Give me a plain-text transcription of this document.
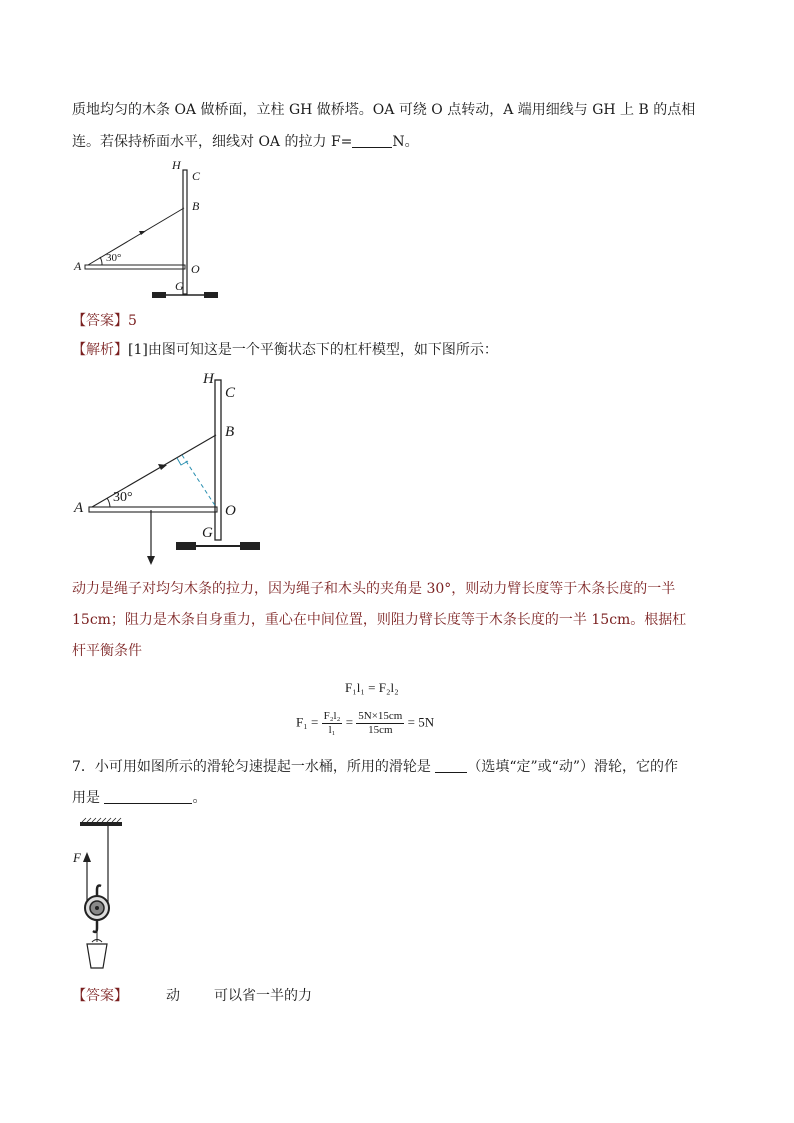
质地均匀的木条 OA 做桥面，立柱 GH 做桥塔。OA 可绕 O 点转动，A 端用细线与 GH 上 B 的点相
连。若保持桥面水平，细线对 OA 的拉力 F=	N。
H
C
B
A
30°
O
G
【答案】5
【解析】[1]由图可知这是一个平衡状态下的杠杆模型，如下图所示：
H
C
B
A
30°
O
G
动力是绳子对均匀木条的拉力，因为绳子和木头的夹角是 30°，则动力臂长度等于木条长度的一半
15cm；阻力是木条自身重力，重心在中间位置，则阻力臂长度等于木条长度的一半 15cm。根据杠
杆平衡条件
F₁l₁ = F₂l₂
$F_1 = \frac{\text{F₂l₂}}{\text{l₁}} = \frac{5N\times 15cm}{15cm} = 5N$
7．小可用如图所示的滑轮匀速提起一水桶，所用的滑轮是	（选填“定”或“动”）滑轮，它的作
用是	。
F
【答案】	动 可以省一半的力
